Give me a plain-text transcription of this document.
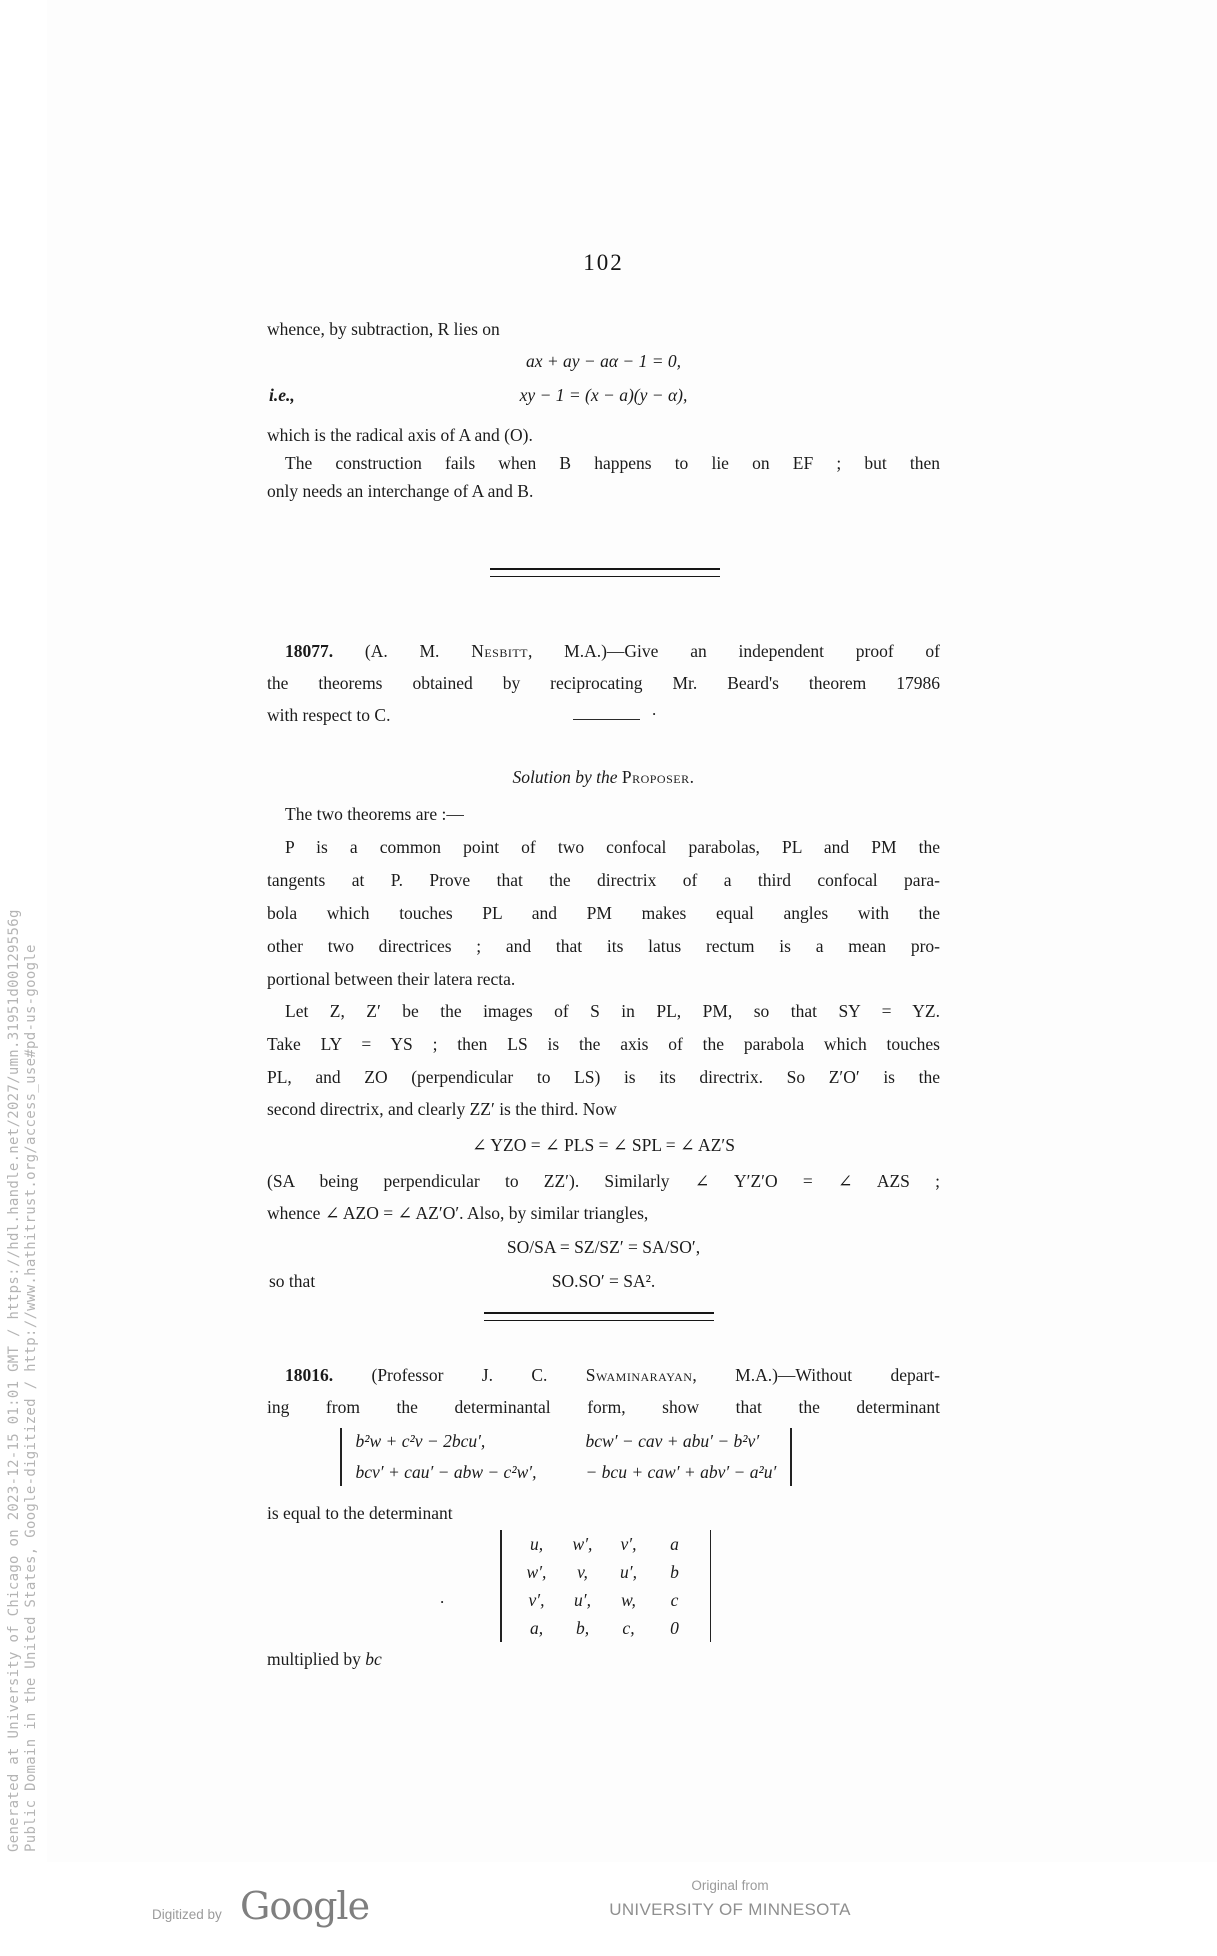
Generated at University of Chicago on 2023-12-15 01:01 GMT / https://hdl.handle.net/2027/umn.31951d00129556g Public Domain in the United States, Google-digitized / http://www.hathitrust.org/access_use#pd-us-google
102
whence, by subtraction, R lies on
ax + ay − aα − 1 = 0,
i.e.,	xy − 1 = (x − a)(y − α),
which is the radical axis of A and (O).
The construction fails when B happens to lie on EF ; but then
only needs an interchange of A and B.
18077. (A. M. Nesbitt, M.A.)—Give an independent proof of
the theorems obtained by reciprocating Mr. Beard's theorem 17986
with respect to C.	.
Solution by the Proposer.
The two theorems are :—
P is a common point of two confocal parabolas, PL and PM the
tangents at P. Prove that the directrix of a third confocal para-
bola which touches PL and PM makes equal angles with the
other two directrices ; and that its latus rectum is a mean pro-
portional between their latera recta.
Let Z, Z′ be the images of S in PL, PM, so that SY = YZ.
Take LY = YS ; then LS is the axis of the parabola which touches
PL, and ZO (perpendicular to LS) is its directrix. So Z′O′ is the
second directrix, and clearly ZZ′ is the third. Now
∠ YZO = ∠ PLS = ∠ SPL = ∠ AZ′S
(SA being perpendicular to ZZ′). Similarly ∠ Y′Z′O = ∠ AZS ;
whence ∠ AZO = ∠ AZ′O′. Also, by similar triangles,
SO/SA = SZ/SZ′ = SA/SO′,
so that	SO.SO′ = SA².
18016. (Professor J. C. Swaminarayan, M.A.)—Without depart-
ing from the determinantal form, show that the determinant
b²w + c²v − 2bcu′,	bcw′ − cav + abu′ − b²v′
bcv′ + cau′ − abw − c²w′,	− bcu + caw′ + abv′ − a²u′
is equal to the determinant
.
u,	w′,	v′,	a
w′,	v,	u′,	b
v′,	u′,	w,	c
a,	b,	c,	0
multiplied by bc
Digitized by Google	Original from
UNIVERSITY OF MINNESOTA
